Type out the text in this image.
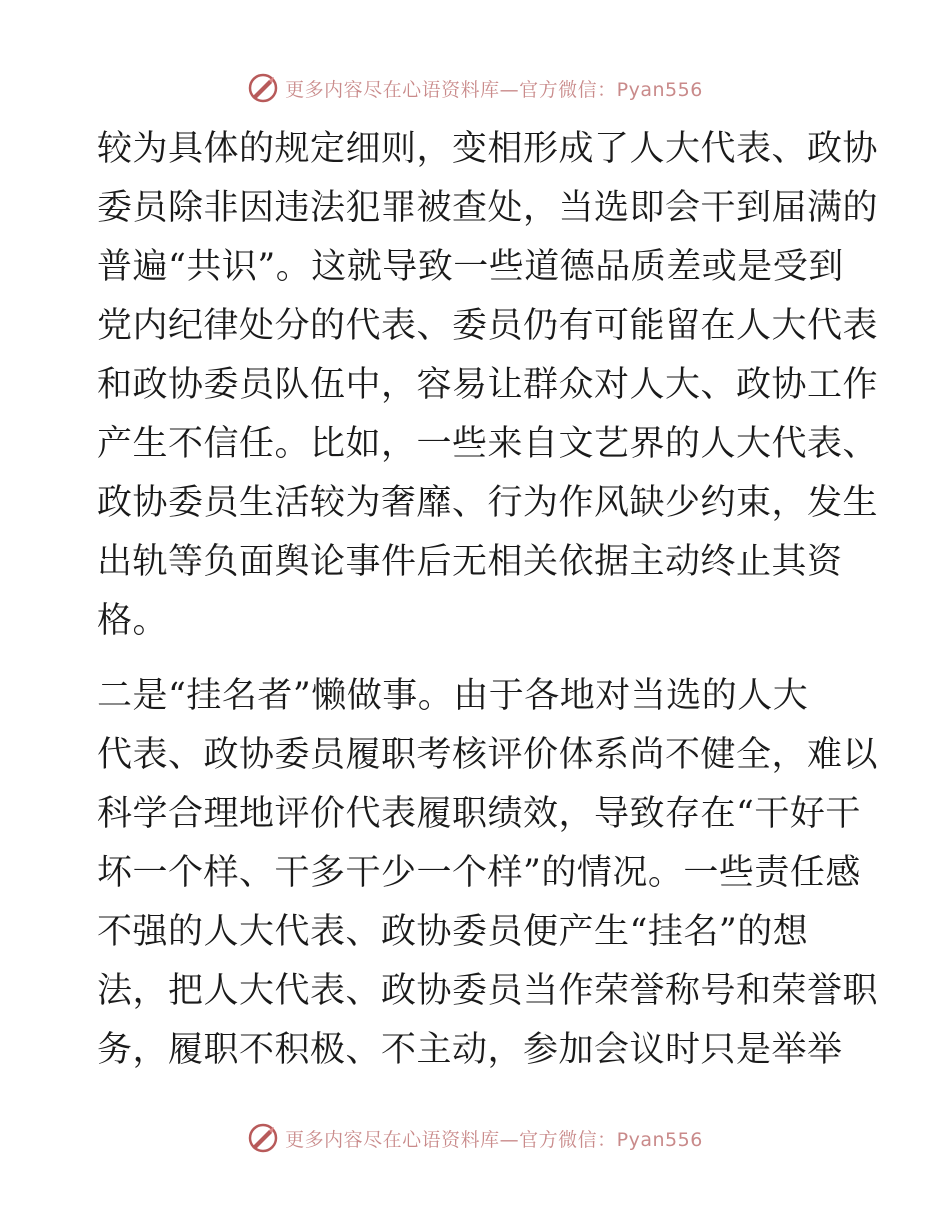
更多内容尽在心语资料库—官方微信：Pyan556

较为具体的规定细则，变相形成了人大代表、政协
委员除非因违法犯罪被查处，当选即会干到届满的
普遍“共识”。这就导致一些道德品质差或是受到
党内纪律处分的代表、委员仍有可能留在人大代表
和政协委员队伍中，容易让群众对人大、政协工作
产生不信任。比如，一些来自文艺界的人大代表、
政协委员生活较为奢靡、行为作风缺少约束，发生
出轨等负面舆论事件后无相关依据主动终止其资
格。

二是“挂名者”懒做事。由于各地对当选的人大
代表、政协委员履职考核评价体系尚不健全，难以
科学合理地评价代表履职绩效，导致存在“干好干
坏一个样、干多干少一个样”的情况。一些责任感
不强的人大代表、政协委员便产生“挂名”的想
法，把人大代表、政协委员当作荣誉称号和荣誉职
务，履职不积极、不主动，参加会议时只是举举

更多内容尽在心语资料库—官方微信：Pyan556
